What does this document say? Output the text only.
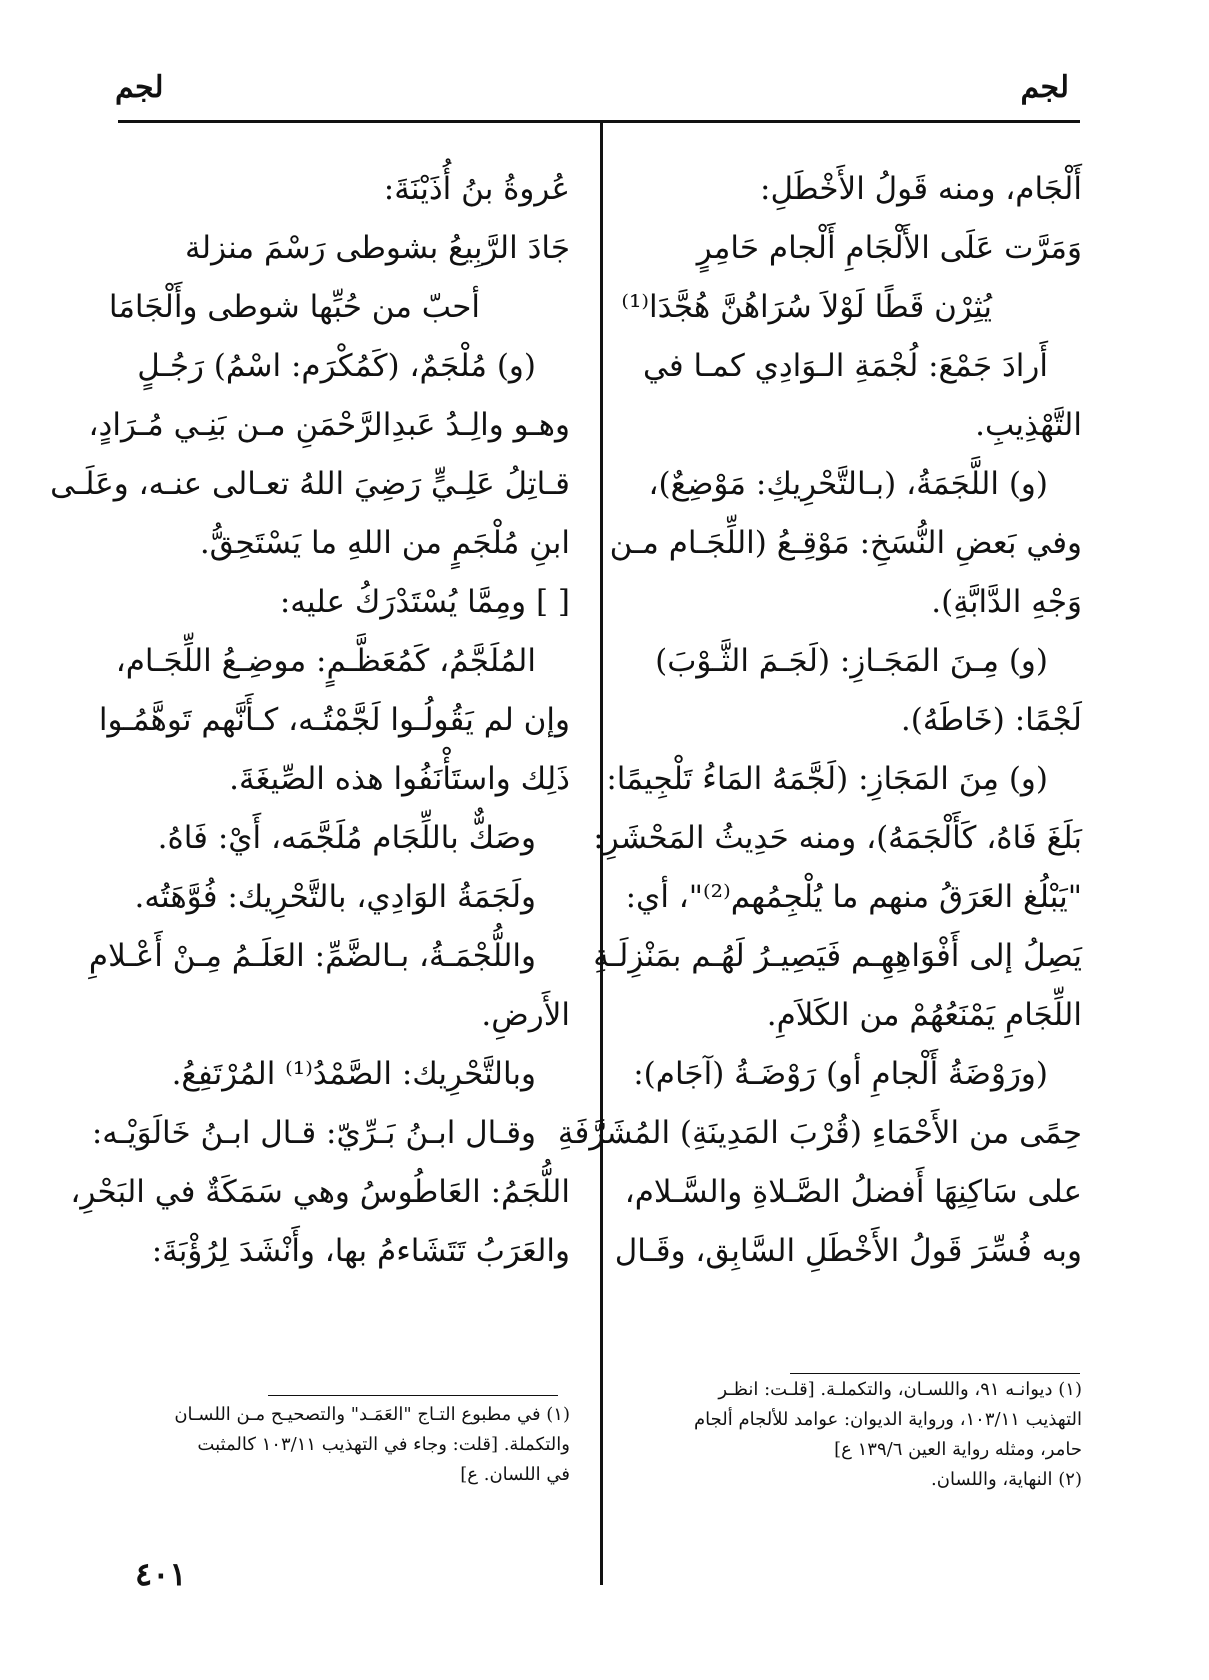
لجم
لجم
أَلْجَام، ومنه قَولُ الأَخْطَلِ:
وَمَرَّت عَلَى الأَلْجَامِ أَلْجام حَامِرٍ
يُثِرْن قَطًا لَوْلاَ سُرَاهُنَّ هُجَّدَا⁽¹⁾
أَرادَ جَمْعَ: لُجْمَةِ الـوَادِي كمـا في
التَّهْذِيبِ.
(و) اللَّجَمَةُ، (بـالتَّحْرِيكِ: مَوْضِعٌ)،
وفي بَعضِ النُّسَخِ: مَوْقِـعُ (اللِّجَـام مـن
وَجْهِ الدَّابَّةِ).
(و) مِـنَ المَجَـازِ: (لَجَـمَ الثَّـوْبَ)
لَجْمًا: (خَاطَهُ).
(و) مِنَ المَجَازِ: (لَجَّمَهُ المَاءُ تَلْجِيمًا:
بَلَغَ فَاهُ، كَأَلْجَمَهُ)، ومنه حَدِيثُ المَحْشَرِ:
"يَبْلُغ العَرَقُ منهم ما يُلْجِمُهم⁽²⁾"، أي:
يَصِلُ إلى أَفْوَاهِهِـم فَيَصِيـرُ لَهُـم بمَنْزِلَـةِ
اللِّجَامِ يَمْنَعُهُمْ من الكَلاَمِ.
(ورَوْضَةُ أَلْجامِ أو) رَوْضَـةُ (آجَام):
حِمًى من الأَحْمَاءِ (قُرْبَ المَدِينَةِ) المُشَرَّفَةِ
على سَاكِنِهَا أَفضلُ الصَّـلاةِ والسَّـلام،
وبه فُسِّرَ قَولُ الأَخْطَلِ السَّابِق، وقَـال
عُروةُ بنُ أُذَيْنَةَ:
جَادَ الرَّبِيعُ بشوطى رَسْمَ منزلة
أحبّ من حُبِّها شوطى وأَلْجَامَا
(و) مُلْجَمٌ، (كَمُكْرَم: اسْمُ) رَجُـلٍ
وهـو والِـدُ عَبدِالرَّحْمَنِ مـن بَنِـي مُـرَادٍ،
قـاتِلُ عَلِـيٍّ رَضِيَ اللهُ تعـالى عنـه، وعَلَـى
ابنِ مُلْجَمٍ من اللهِ ما يَسْتَحِقُّ.
[ ] ومِمَّا يُسْتَدْرَكُ عليه:
المُلَجَّمُ، كَمُعَظَّـمٍ: موضِـعُ اللِّجَـام،
وإن لم يَقُولُـوا لَجَّمْتُـه، كـأَنَّهم تَوهَّمُـوا
ذَلِك واستَأْنَفُوا هذه الصِّيغَةَ.
وصَكٌّ باللِّجَام مُلَجَّمَه، أَيْ: فَاهُ.
ولَجَمَةُ الوَادِي، بالتَّحْرِيك: فُوَّهَتُه.
واللُّجْمَـةُ، بـالضَّمِّ: العَلَـمُ مِـنْ أَعْـلامِ
الأَرضِ.
وبالتَّحْرِيك: الصَّمْدُ⁽¹⁾ المُرْتَفِعُ.
وقـال ابـنُ بَـرِّيّ: قـال ابـنُ خَالَوَيْـه:
اللُّجَمُ: العَاطُوسُ وهي سَمَكَةٌ في البَحْرِ،
والعَرَبُ تَتَشَاءمُ بها، وأَنْشَدَ لِرُؤْبَةَ:
(١) ديوانـه ٩١، واللسـان، والتكملـة. [قلـت: انظـر
التهذيب ١٠٣/١١، ورواية الديوان: عوامد للألجام ألجام
حامر، ومثله رواية العين ١٣٩/٦ ع]
(٢) النهاية، واللسان.
(١) في مطبوع التـاج "العَمَـد" والتصحيـح مـن اللسـان
والتكملة. [قلت: وجاء في التهذيب ١٠٣/١١ كالمثبت
في اللسان. ع]
٤٠١
